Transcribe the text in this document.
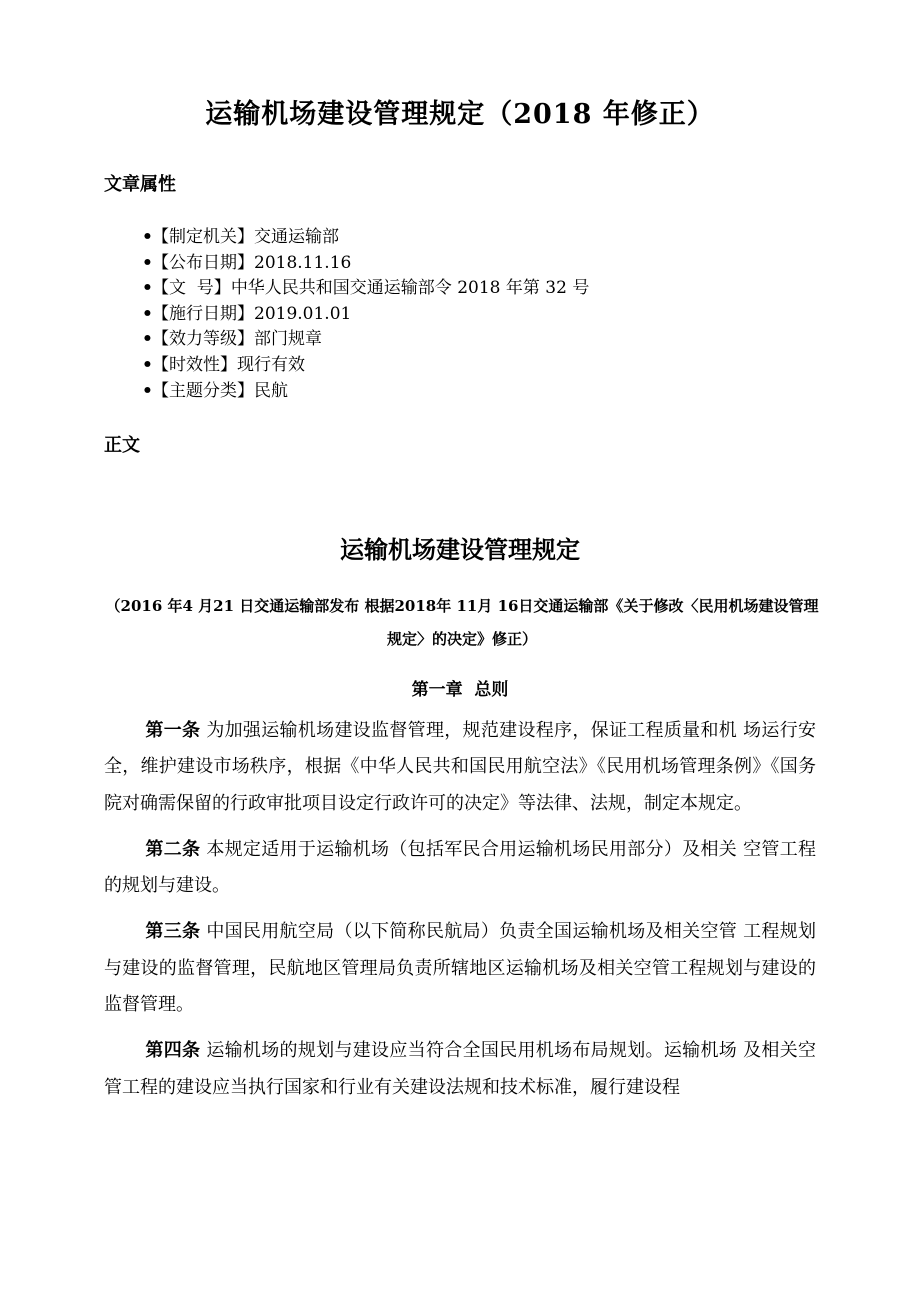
运输机场建设管理规定（2018 年修正）
文章属性
•【制定机关】交通运输部
•【公布日期】2018.11.16
•【文  号】中华人民共和国交通运输部令 2018 年第 32 号
•【施行日期】2019.01.01
•【效力等级】部门规章
•【时效性】现行有效
•【主题分类】民航
正文
运输机场建设管理规定

（2016 年4 月21 日交通运输部发布 根据2018年 11月 16日交通运输部《关于修改〈民用机场建设管理规定〉的决定》修正）

第一章  总则

第一条 为加强运输机场建设监督管理，规范建设程序，保证工程质量和机 场运行安全，维护建设市场秩序，根据《中华人民共和国民用航空法》《民用机场管理条例》《国务院对确需保留的行政审批项目设定行政许可的决定》等法律、法规，制定本规定。

第二条 本规定适用于运输机场（包括军民合用运输机场民用部分）及相关 空管工程的规划与建设。

第三条 中国民用航空局（以下简称民航局）负责全国运输机场及相关空管 工程规划与建设的监督管理，民航地区管理局负责所辖地区运输机场及相关空管工程规划与建设的监督管理。

第四条 运输机场的规划与建设应当符合全国民用机场布局规划。运输机场 及相关空管工程的建设应当执行国家和行业有关建设法规和技术标准，履行建设程
